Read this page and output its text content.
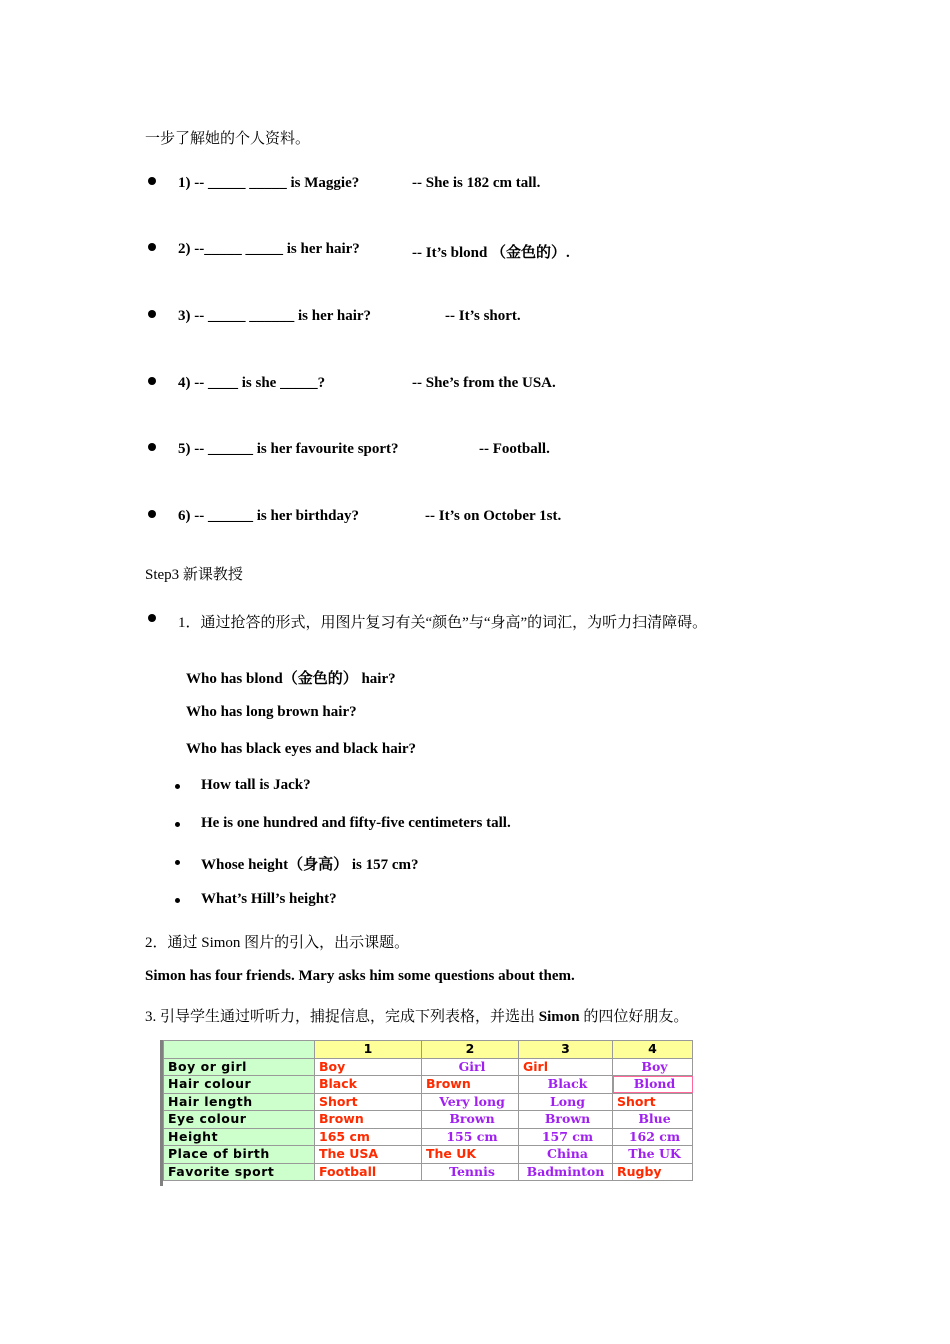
一步了解她的个人资料。
1) -- _____ _____ is Maggie?	-- She is 182 cm tall.
2) --_____ _____ is her hair?	-- It’s blond （金色的）.
3) -- _____ ______ is her hair?	-- It’s short.
4) -- ____ is she _____?	-- She’s from the USA.
5) -- ______ is her favourite sport?	-- Football.
6) -- ______ is her birthday?	-- It’s on October 1st.
Step3 新课教授
1．通过抢答的形式，用图片复习有关“颜色”与“身高”的词汇，为听力扫清障碍。
Who has blond（金色的） hair?
Who has long brown hair?
Who has black eyes and black hair?
How tall is Jack?
He is one hundred and fifty-five centimeters tall.
Whose height（身高） is 157 cm?
What’s Hill’s height?
2．通过 Simon 图片的引入，出示课题。
Simon has four friends. Mary asks him some questions about them.
3. 引导学生通过听听力，捕捉信息，完成下列表格，并选出 Simon 的四位好朋友。
	1	2	3	4
Boy or girl	Boy	Girl	Girl	Boy
Hair colour	Black	Brown	Black	Blond
Hair length	Short	Very long	Long	Short
Eye colour	Brown	Brown	Brown	Blue
Height	165 cm	155 cm	157 cm	162 cm
Place of birth	The USA	The UK	China	The UK
Favorite sport	Football	Tennis	Badminton	Rugby
